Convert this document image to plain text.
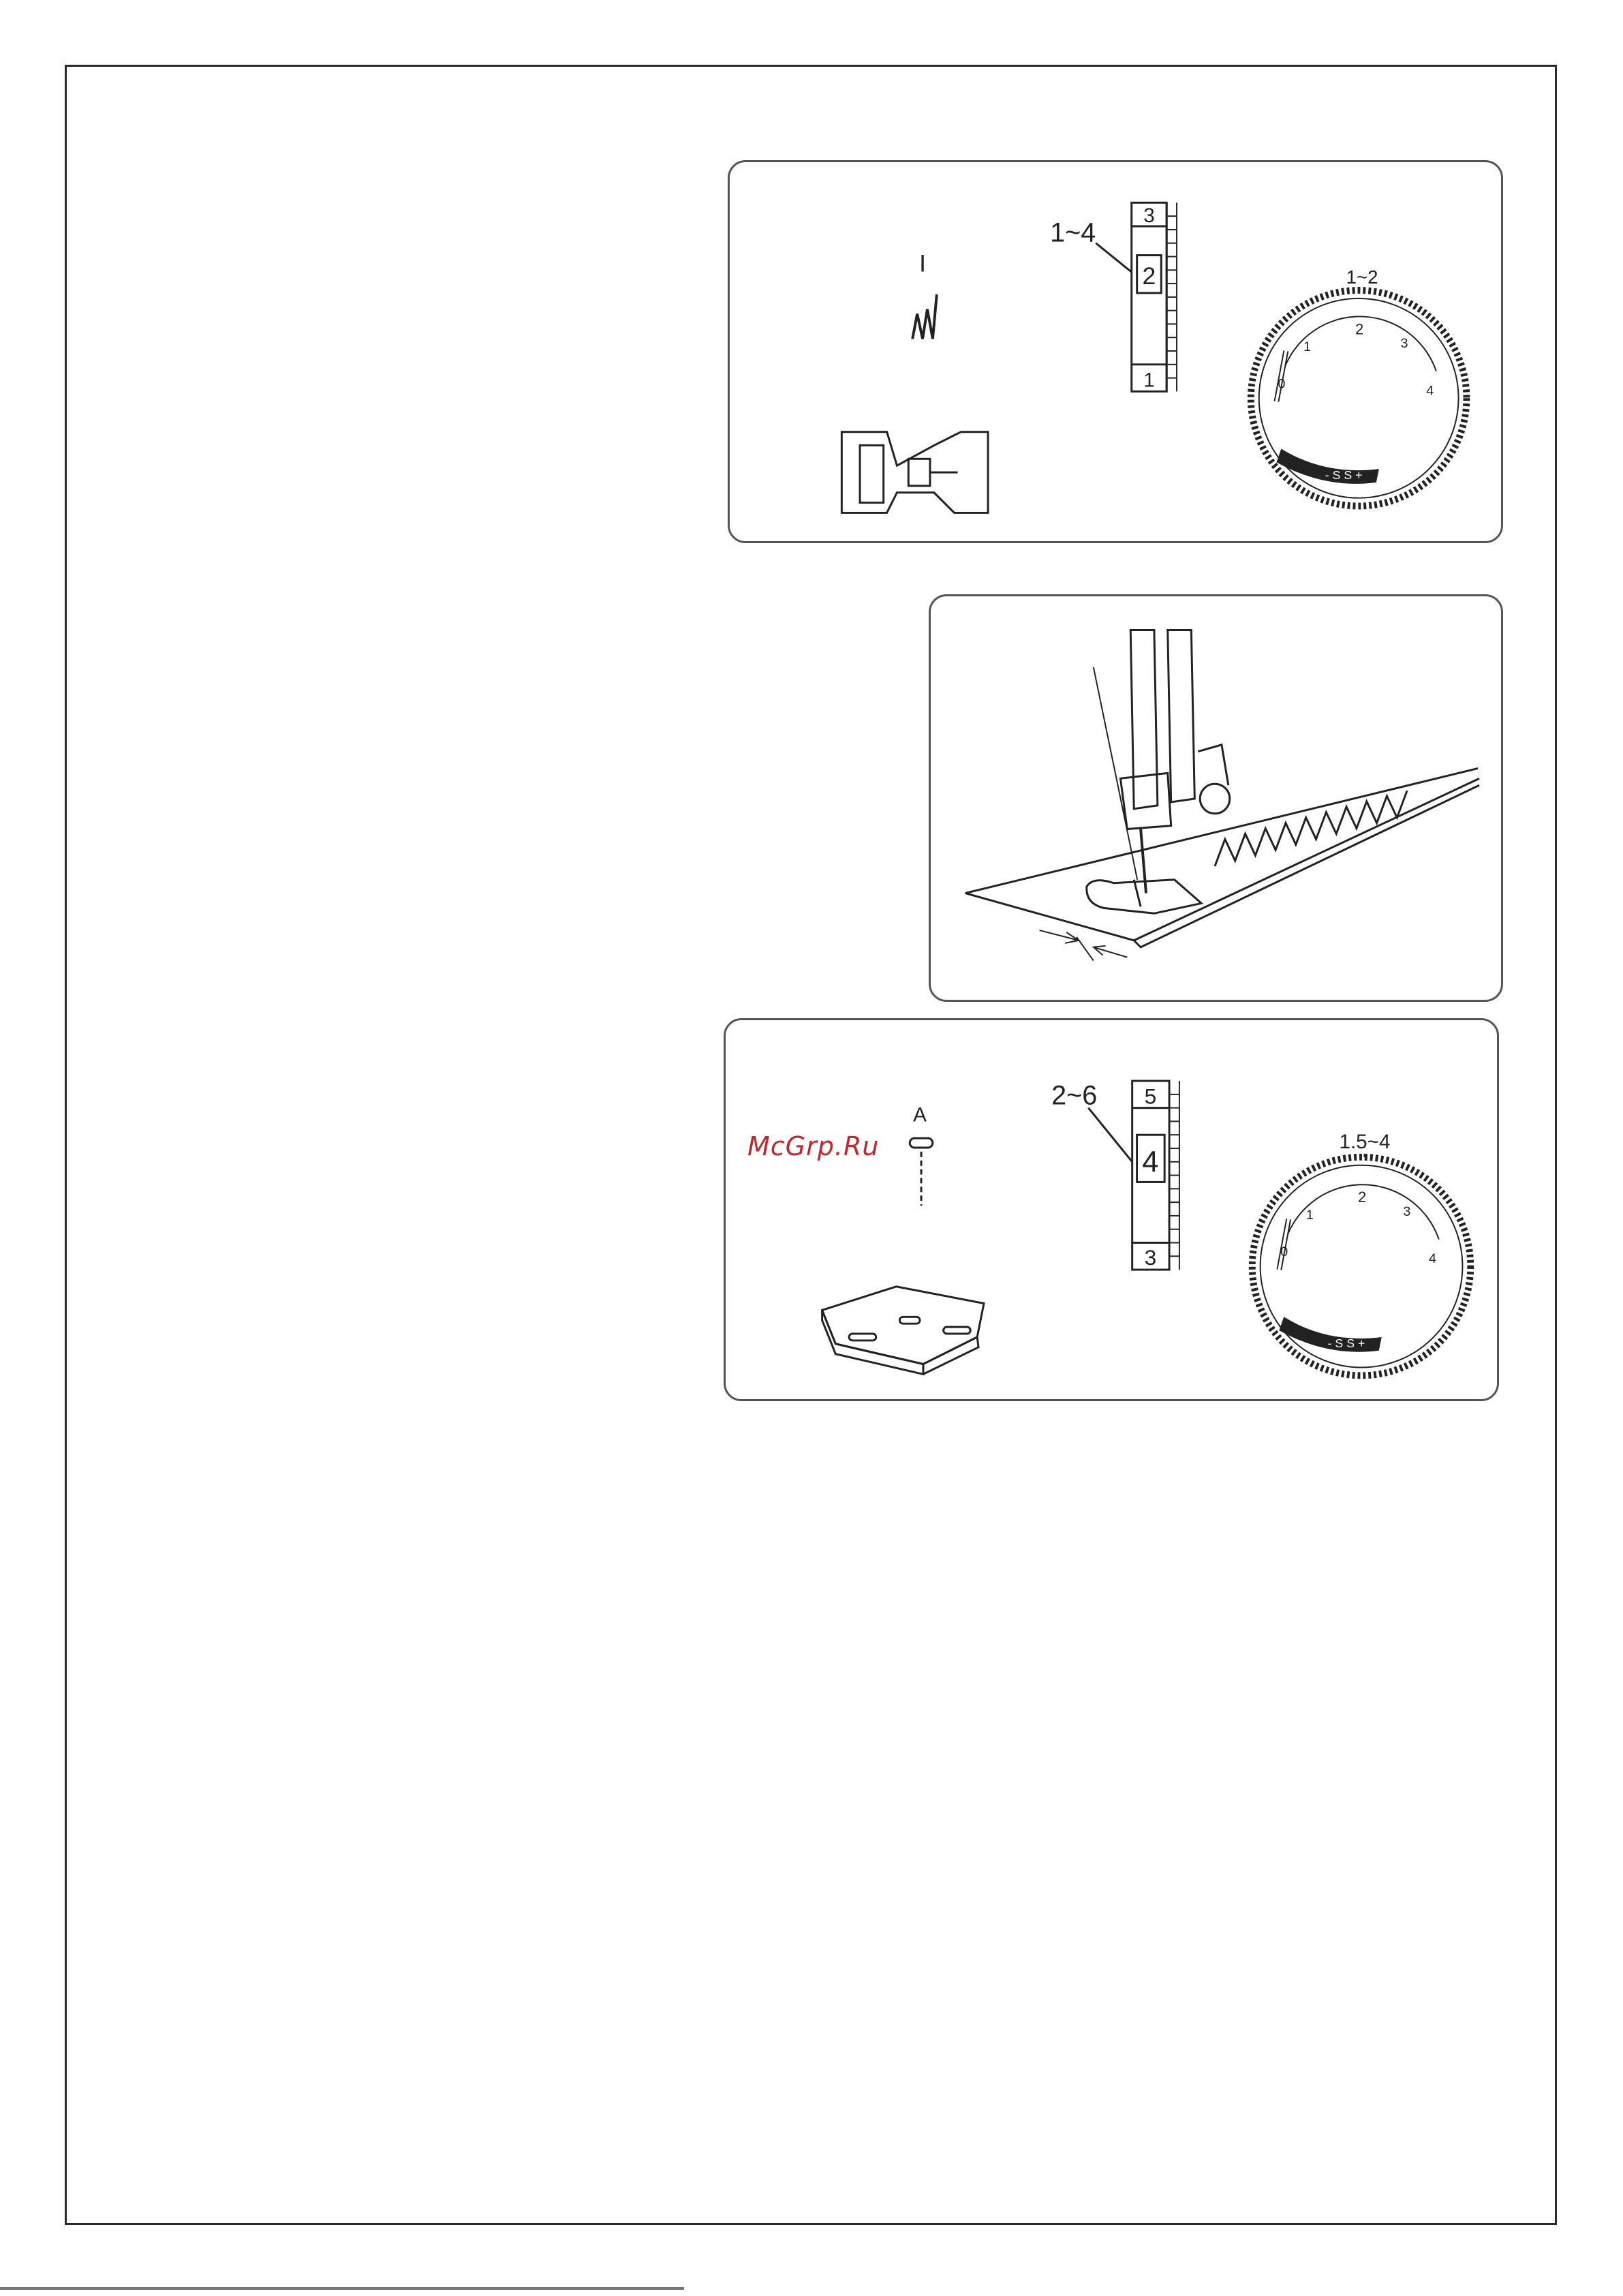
I
1~4
3
2
1
1~2
0
1
2
3
4
- S S +
A
2~6 5
4
3
1.5~4
0
1
2
3
4
- S S +
McGrp.Ru
